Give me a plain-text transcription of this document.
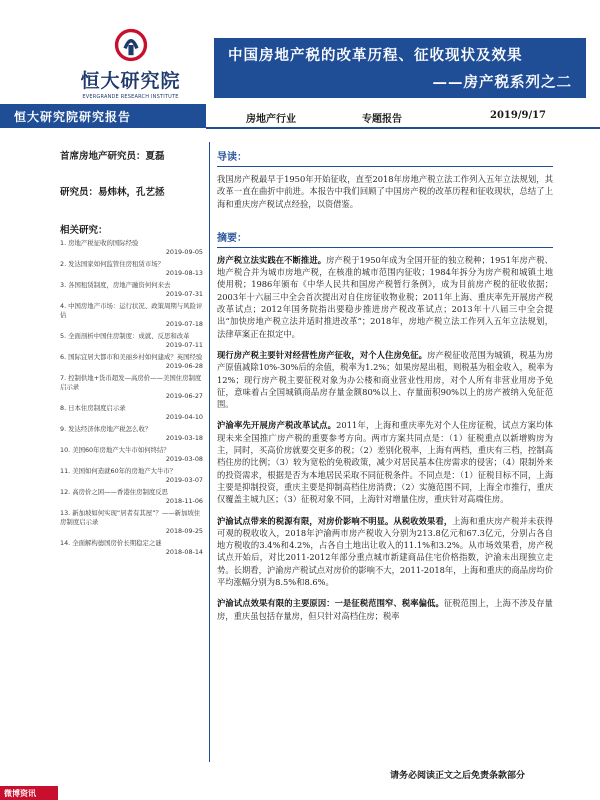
恒大研究院
EVERGRANDE RESEARCH INSTITUTE
中国房地产税的改革历程、征收现状及效果
——房产税系列之二
恒大研究院研究报告	房地产行业	专题报告	2019/9/17
首席房地产研究员：夏磊
研究员：易炜林，孔艺拯
相关研究：
1. 房地产税征收的国际经验
2019-09-05
2. 发达国家如何监管住房租赁市场？
2019-08-13
3. 各国租赁制度，房地产融资何何来去
2019-07-31
4. 中国房地产市场：运行状况、政策周期与风险评估
2019-07-18
5. 全面剖析中国住房制度：成就、反思和改革
2019-07-11
6. 国际宜居大都市和美丽乡村如何建成？英国经验
2019-06-28
7. 控制供地+货币超发—高房价——美国住房制度启示录
2019-06-27
8. 日本住房制度启示录
2019-04-10
9. 发达经济体房地产税怎么收？
2019-03-18
10. 美国60年房地产大牛市如何终结？
2019-03-08
11. 美国如何造就60年的房地产大牛市？
2019-03-07
12. 高房价之困——香港住房制度反思
2018-11-06
13. 新加坡如何实现“居者有其屋”？——新加坡住房制度启示录
2018-09-25
14. 全面解构德国房价长期稳定之谜
2018-08-14
导读：

我国房产税最早于1950年开始征收，直至2018年房地产税立法工作列入五年立法规划，其改革一直在曲折中前进。本报告中我们回顾了中国房产税的改革历程和征收现状，总结了上海和重庆房产税试点经验，以资借鉴。

摘要：

房产税立法实践在不断推进。房产税于1950年成为全国开征的独立税种；1951年房产税、地产税合并为城市房地产税，在核准的城市范围内征收；1984年拆分为房产税和城镇土地使用税；1986年颁布《中华人民共和国房产税暂行条例》，成为目前房产税的征收依据；2003年十六届三中全会首次提出对自住房征收物业税；2011年上海、重庆率先开展房产税改革试点；2012年国务院指出要稳步推进房产税改革试点；2013年十八届三中全会提出“加快房地产税立法并适时推进改革”；2018年，房地产税立法工作列入五年立法规划，法律草案正在拟定中。

现行房产税主要针对经营性房产征收，对个人住房免征。房产税征收范围为城镇，税基为房产原值减除10%-30%后的余值，税率为1.2%；如果房屋出租，则税基为租金收入，税率为12%；现行房产税主要征税对象为办公楼和商业营业性用房，对个人所有非营业用房予免征，意味着占全国城镇商品房存量金额80%以上、存量面积90%以上的房产被纳入免征范围。

沪渝率先开展房产税改革试点。2011年，上海和重庆率先对个人住房征税，试点方案均体现未来全国推广房产税的重要参考方向。两市方案共同点是：（1）征税重点以新增购房为主，同时，买高价房就要交更多的税；（2）差别化税率，上海有两档，重庆有三档，控制高档住房的比例；（3）较为宽松的免税政策，减少对居民基本住房需求的侵害；（4）限制外来的投资需求，根据是否为本地居民采取不同征税条件。不同点是：（1）征税目标不同，上海主要是抑制投资，重庆主要是抑制高档住房消费；（2）实施范围不同，上海全市推行，重庆仅覆盖主城九区；（3）征税对象不同，上海针对增量住房，重庆针对高端住房。

沪渝试点带来的税源有限，对房价影响不明显。从税收效果看，上海和重庆房产税并未获得可观的税收收入，2018年沪渝两市房产税收入分别为213.8亿元和67.3亿元，分别占各自地方税收的3.4%和4.2%，占各自土地出让收入的11.1%和3.2%。从市场效果看，房产税试点开始后，对比2011-2012年部分重点城市新建商品住宅价格指数，沪渝未出现独立走势。长期看，沪渝房产税试点对房价的影响不大，2011-2018年，上海和重庆的商品房均价平均涨幅分别为8.5%和8.6%。

沪渝试点效果有限的主要原因：一是征税范围窄、税率偏低。征税范围上，上海不涉及存量房，重庆虽包括存量房，但只针对高档住房；税率

请务必阅读正文之后免责条款部分
微博资讯
